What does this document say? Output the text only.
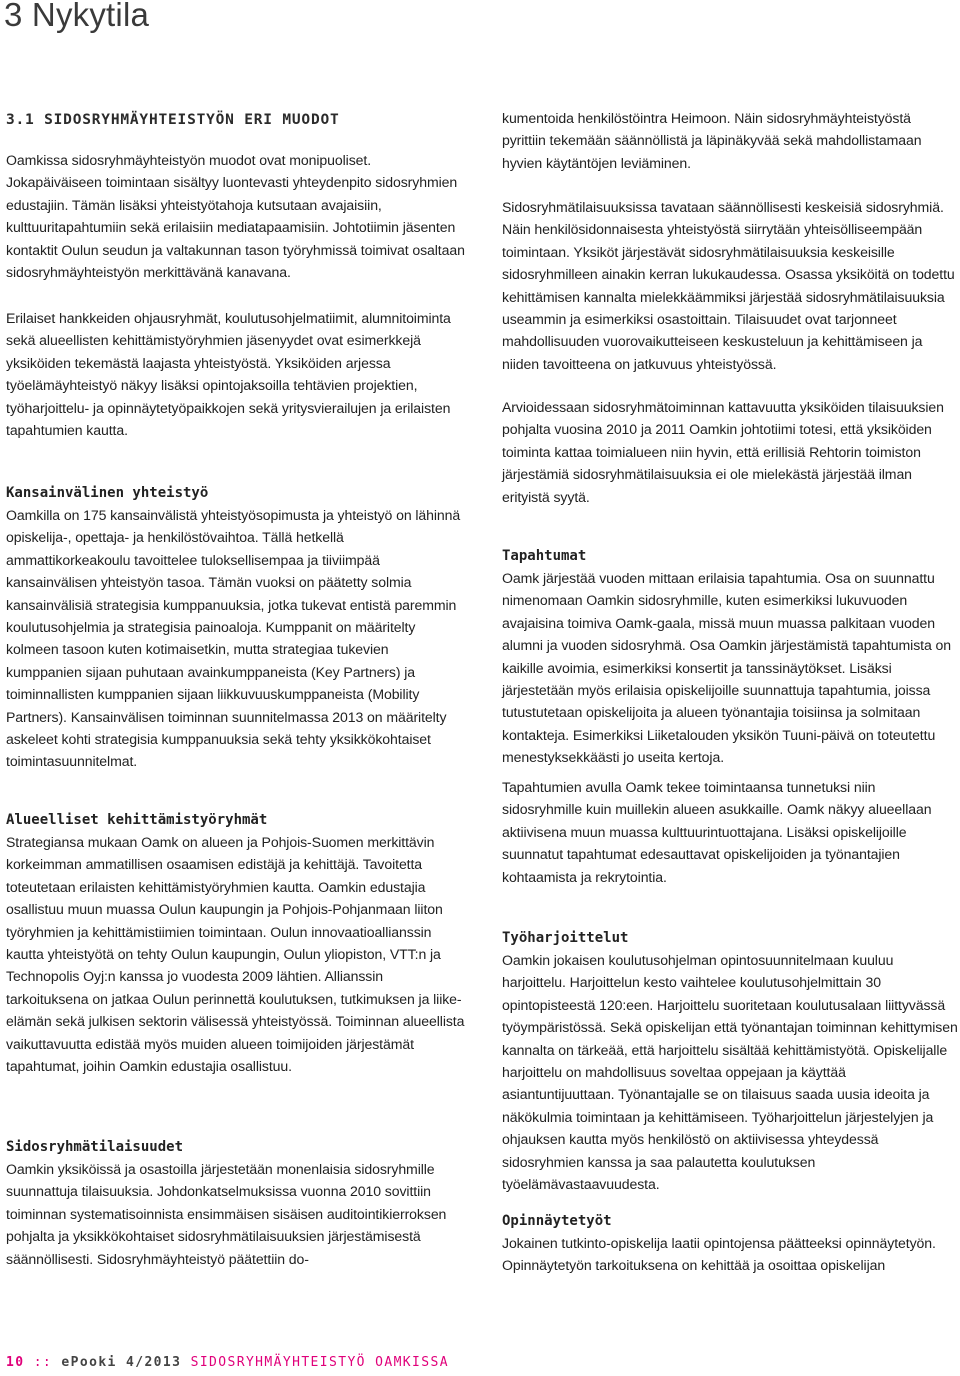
3 Nykytila
3.1 SIDOSRYHMÄYHTEISTYÖN ERI MUODOT

Oamkissa sidosryhmäyhteistyön muodot ovat monipuoliset. Jokapäiväiseen toimintaan sisältyy luontevasti yhteydenpito sidosryhmien edustajiin. Tämän lisäksi yhteistyötahoja kutsutaan avajaisiin, kulttuuritapahtumiin sekä erilaisiin mediatapaamisiin. Johtotiimin jäsenten kontaktit Oulun seudun ja valtakunnan tason työryhmissä toimivat osaltaan sidosryhmäyhteistyön merkittävänä kanavana.

Erilaiset hankkeiden ohjausryhmät, koulutusohjelmatiimit, alumnitoiminta sekä alueellisten kehittämistyöryhmien jäsenyydet ovat esimerkkejä yksiköiden tekemästä laajasta yhteistyöstä. Yksiköiden arjessa työelämäyhteistyö näkyy lisäksi opintojaksoilla tehtävien projektien, työharjoittelu- ja opinnäytetyöpaikkojen sekä yritysvierailujen ja erilaisten tapahtumien kautta.

Kansainvälinen yhteistyö

Oamkilla on 175 kansainvälistä yhteistyösopimusta ja yhteistyö on lähinnä opiskelija-, opettaja- ja henkilöstövaihtoa. Tällä hetkellä ammattikorkeakoulu tavoittelee tuloksellisempaa ja tiiviimpää kansainvälisen yhteistyön tasoa. Tämän vuoksi on päätetty solmia kansainvälisiä strategisia kumppanuuksia, jotka tukevat entistä paremmin koulutusohjelmia ja strategisia painoaloja. Kumppanit on määritelty kolmeen tasoon kuten kotimaisetkin, mutta strategiaa tukevien kumppanien sijaan puhutaan avainkumppaneista (Key Partners) ja toiminnallisten kumppanien sijaan liikkuvuuskumppaneista (Mobility Partners). Kansainvälisen toiminnan suunnitelmassa 2013 on määritelty askeleet kohti strategisia kumppanuuksia sekä tehty yksikkökohtaiset toimintasuunnitelmat.

Alueelliset kehittämistyöryhmät

Strategiansa mukaan Oamk on alueen ja Pohjois-Suomen merkittävin korkeimman ammatillisen osaamisen edistäjä ja kehittäjä. Tavoitetta toteutetaan erilaisten kehittämistyöryhmien kautta. Oamkin edustajia osallistuu muun muassa Oulun kaupungin ja Pohjois-Pohjanmaan liiton työryhmien ja kehittämistiimien toimintaan. Oulun innovaatioallianssin kautta yhteistyötä on tehty Oulun kaupungin, Oulun yliopiston, VTT:n ja Technopolis Oyj:n kanssa jo vuodesta 2009 lähtien. Allianssin tarkoituksena on jatkaa Oulun perinnettä koulutuksen, tutkimuksen ja liike-elämän sekä julkisen sektorin välisessä yhteistyössä. Toiminnan alueellista vaikuttavuutta edistää myös muiden alueen toimijoiden järjestämät tapahtumat, joihin Oamkin edustajia osallistuu.

Sidosryhmätilaisuudet

Oamkin yksiköissä ja osastoilla järjestetään monenlaisia sidosryhmille suunnattuja tilaisuuksia. Johdonkatselmuksissa vuonna 2010 sovittiin toiminnan systematisoinnista ensimmäisen sisäisen auditointikierroksen pohjalta ja yksikkökohtaiset sidosryhmätilaisuuksien järjestämisestä säännöllisesti. Sidosryhmäyhteistyö päätettiin do-

kumentoida henkilöstöintra Heimoon. Näin sidosryhmäyhteistyöstä pyrittiin tekemään säännöllistä ja läpinäkyvää sekä mahdollistamaan hyvien käytäntöjen leviäminen.

Sidosryhmätilaisuuksissa tavataan säännöllisesti keskeisiä sidosryhmiä. Näin henkilösidonnaisesta yhteistyöstä siirrytään yhteisölliseempään toimintaan. Yksiköt järjestävät sidosryhmätilaisuuksia keskeisille sidosryhmilleen ainakin kerran lukukaudessa. Osassa yksiköitä on todettu kehittämisen kannalta mielekkäämmiksi järjestää sidosryhmätilaisuuksia useammin ja esimerkiksi osastoittain. Tilaisuudet ovat tarjonneet mahdollisuuden vuorovaikutteiseen keskusteluun ja kehittämiseen ja niiden tavoitteena on jatkuvuus yhteistyössä.

Arvioidessaan sidosryhmätoiminnan kattavuutta yksiköiden tilaisuuksien pohjalta vuosina 2010 ja 2011 Oamkin johtotiimi totesi, että yksiköiden toiminta kattaa toimialueen niin hyvin, että erillisiä Rehtorin toimiston järjestämiä sidosryhmätilaisuuksia ei ole mielekästä järjestää ilman erityistä syytä.

Tapahtumat

Oamk järjestää vuoden mittaan erilaisia tapahtumia. Osa on suunnattu nimenomaan Oamkin sidosryhmille, kuten esimerkiksi lukuvuoden avajaisina toimiva Oamk-gaala, missä muun muassa palkitaan vuoden alumni ja vuoden sidosryhmä. Osa Oamkin järjestämistä tapahtumista on kaikille avoimia, esimerkiksi konsertit ja tanssinäytökset. Lisäksi järjestetään myös erilaisia opiskelijoille suunnattuja tapahtumia, joissa tutustutetaan opiskelijoita ja alueen työnantajia toisiinsa ja solmitaan kontakteja. Esimerkiksi Liiketalouden yksikön Tuuni-päivä on toteutettu menestyksekkäästi jo useita kertoja.

Tapahtumien avulla Oamk tekee toimintaansa tunnetuksi niin sidosryhmille kuin muillekin alueen asukkaille. Oamk näkyy alueellaan aktiivisena muun muassa kulttuurintuottajana. Lisäksi opiskelijoille suunnatut tapahtumat edesauttavat opiskelijoiden ja työnantajien kohtaamista ja rekrytointia.

Työharjoittelut

Oamkin jokaisen koulutusohjelman opintosuunnitelmaan kuuluu harjoittelu. Harjoittelun kesto vaihtelee koulutusohjelmittain 30 opintopisteestä 120:een. Harjoittelu suoritetaan koulutusalaan liittyvässä työympäristössä. Sekä opiskelijan että työnantajan toiminnan kehittymisen kannalta on tärkeää, että harjoittelu sisältää kehittämistyötä. Opiskelijalle harjoittelu on mahdollisuus soveltaa oppejaan ja käyttää asiantuntijuuttaan. Työnantajalle se on tilaisuus saada uusia ideoita ja näkökulmia toimintaan ja kehittämiseen. Työharjoittelun järjestelyjen ja ohjauksen kautta myös henkilöstö on aktiivisessa yhteydessä sidosryhmien kanssa ja saa palautetta koulutuksen työelämävastaavuudesta.

Opinnäytetyöt

Jokainen tutkinto-opiskelija laatii opintojensa päätteeksi opinnäytetyön. Opinnäytetyön tarkoituksena on kehittää ja osoittaa opiskelijan

10 :: ePooki 4/2013 SIDOSRYHMÄYHTEISTYÖ OAMKISSA
